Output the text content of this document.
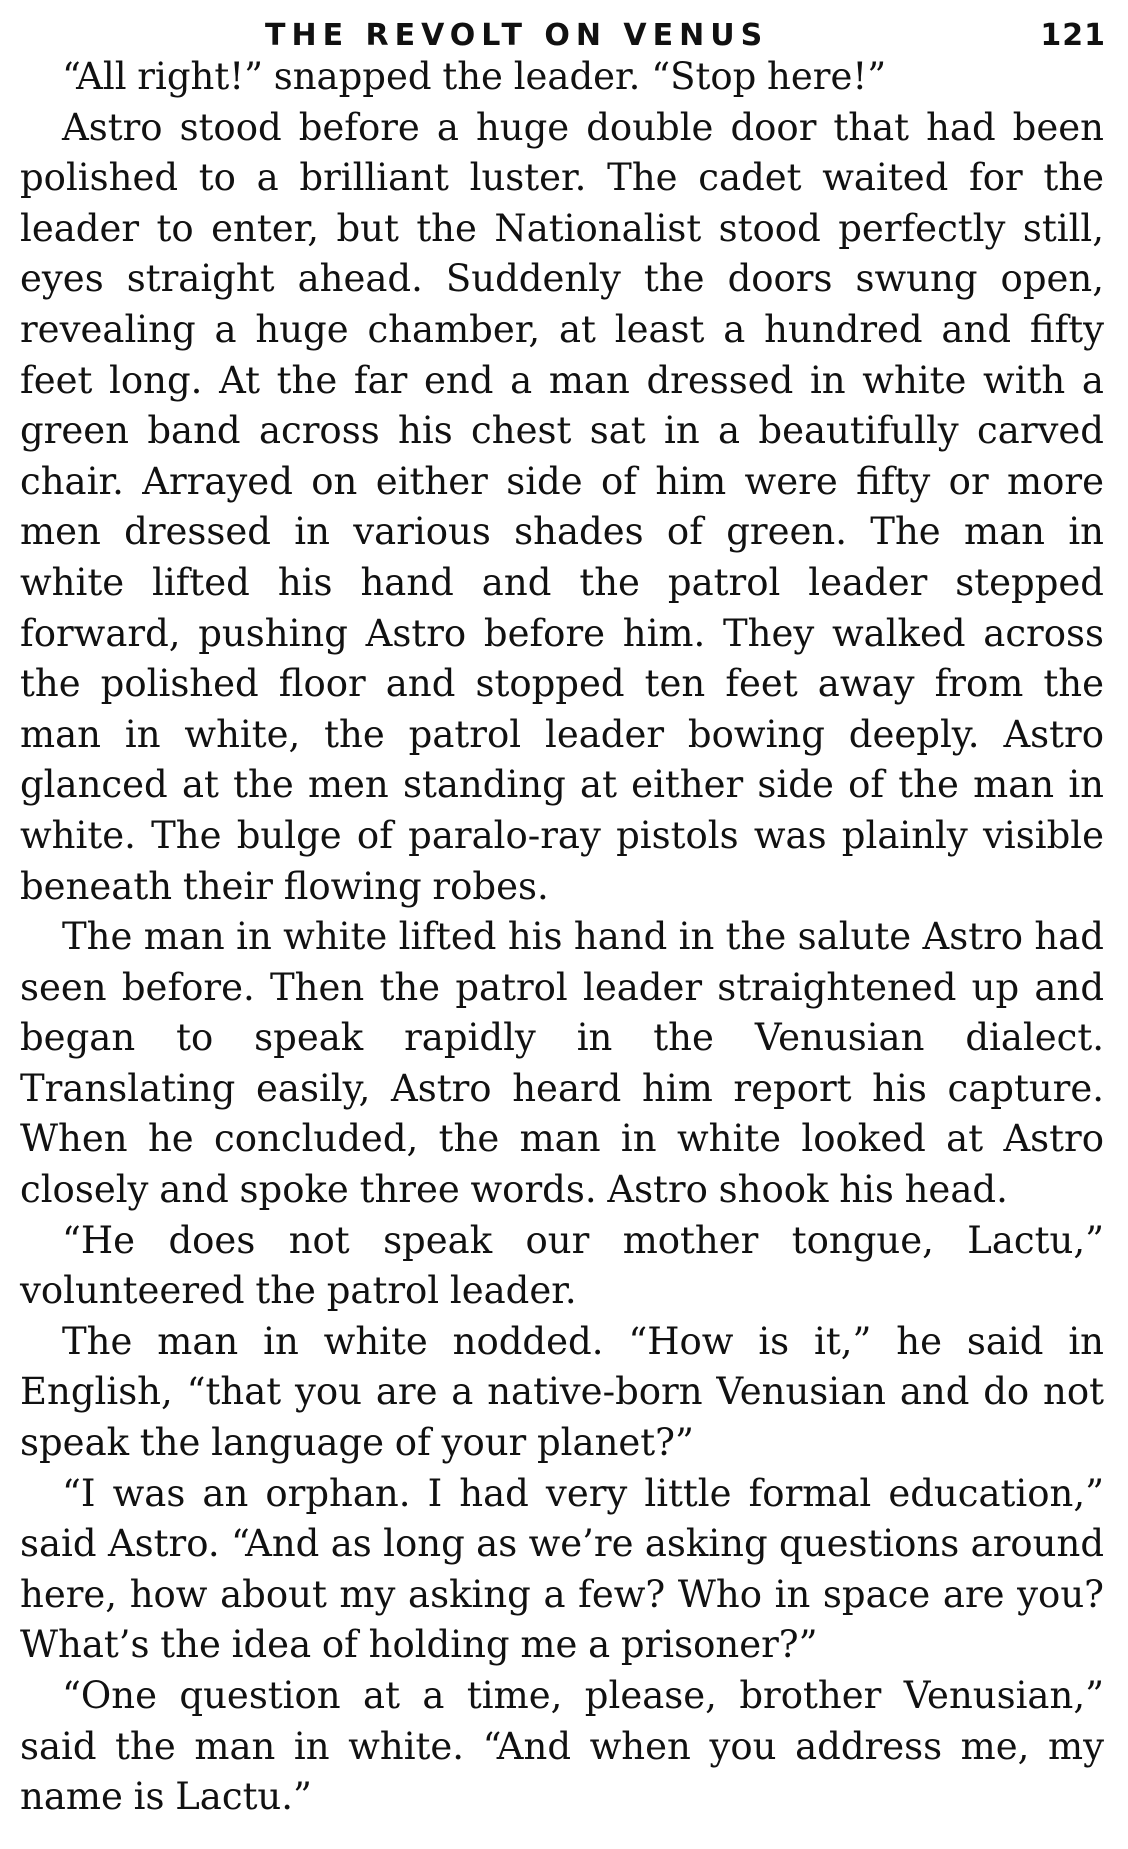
THE REVOLT ON VENUS	121

“All right!” snapped the leader. “Stop here!”

Astro stood before a huge double door that had been polished to a brilliant luster. The cadet waited for the leader to enter, but the Nationalist stood perfectly still, eyes straight ahead. Suddenly the doors swung open, revealing a huge chamber, at least a hundred and fifty feet long. At the far end a man dressed in white with a green band across his chest sat in a beautifully carved chair. Arrayed on either side of him were fifty or more men dressed in various shades of green. The man in white lifted his hand and the patrol leader stepped forward, pushing Astro before him. They walked across the polished floor and stopped ten feet away from the man in white, the patrol leader bowing deeply. Astro glanced at the men standing at either side of the man in white. The bulge of paralo-ray pistols was plainly visible beneath their flowing robes.

The man in white lifted his hand in the salute Astro had seen before. Then the patrol leader straightened up and began to speak rapidly in the Venusian dialect. Translating easily, Astro heard him report his capture. When he concluded, the man in white looked at Astro closely and spoke three words. Astro shook his head.

“He does not speak our mother tongue, Lactu,” volunteered the patrol leader.

The man in white nodded. “How is it,” he said in English, “that you are a native-born Venusian and do not speak the language of your planet?”

“I was an orphan. I had very little formal education,” said Astro. “And as long as we’re asking questions around here, how about my asking a few? Who in space are you? What’s the idea of holding me a prisoner?”

“One question at a time, please, brother Venusian,” said the man in white. “And when you address me, my name is Lactu.”
